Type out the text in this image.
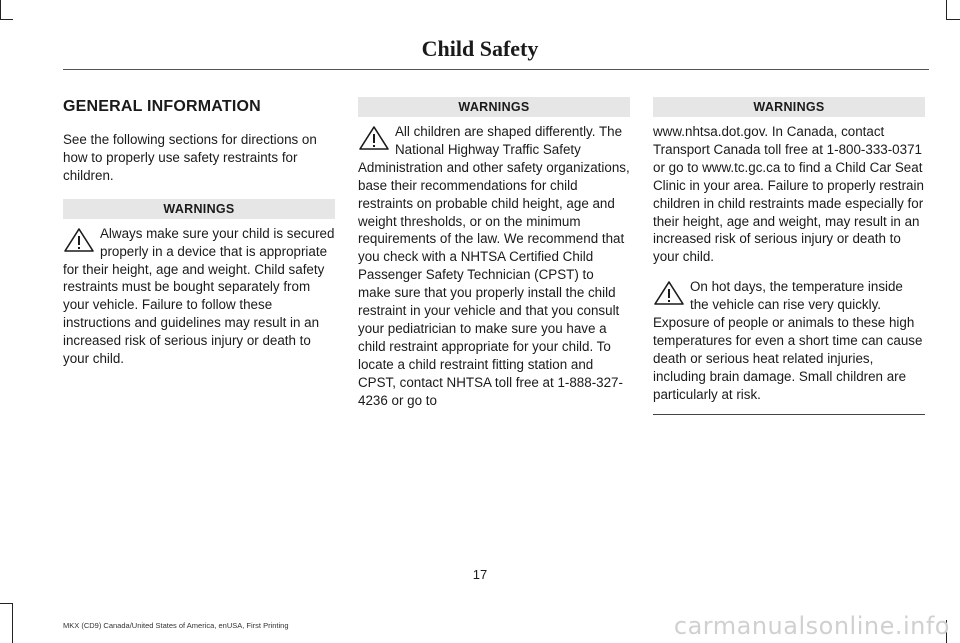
Child Safety
GENERAL INFORMATION

See the following sections for directions on how to properly use safety restraints for children.

WARNINGS

Always make sure your child is secured properly in a device that is appropriate for their height, age and weight. Child safety restraints must be bought separately from your vehicle. Failure to follow these instructions and guidelines may result in an increased risk of serious injury or death to your child.

WARNINGS

All children are shaped differently. The National Highway Traffic Safety Administration and other safety organizations, base their recommendations for child restraints on probable child height, age and weight thresholds, or on the minimum requirements of the law. We recommend that you check with a NHTSA Certified Child Passenger Safety Technician (CPST) to make sure that you properly install the child restraint in your vehicle and that you consult your pediatrician to make sure you have a child restraint appropriate for your child. To locate a child restraint fitting station and CPST, contact NHTSA toll free at 1-888-327-4236 or go to

WARNINGS

www.nhtsa.dot.gov. In Canada, contact Transport Canada toll free at 1-800-333-0371 or go to www.tc.gc.ca to find a Child Car Seat Clinic in your area. Failure to properly restrain children in child restraints made especially for their height, age and weight, may result in an increased risk of serious injury or death to your child.

On hot days, the temperature inside the vehicle can rise very quickly. Exposure of people or animals to these high temperatures for even a short time can cause death or serious heat related injuries, including brain damage. Small children are particularly at risk.

17
MKX (CD9) Canada/United States of America, enUSA, First Printing	carmanualsonline.info
